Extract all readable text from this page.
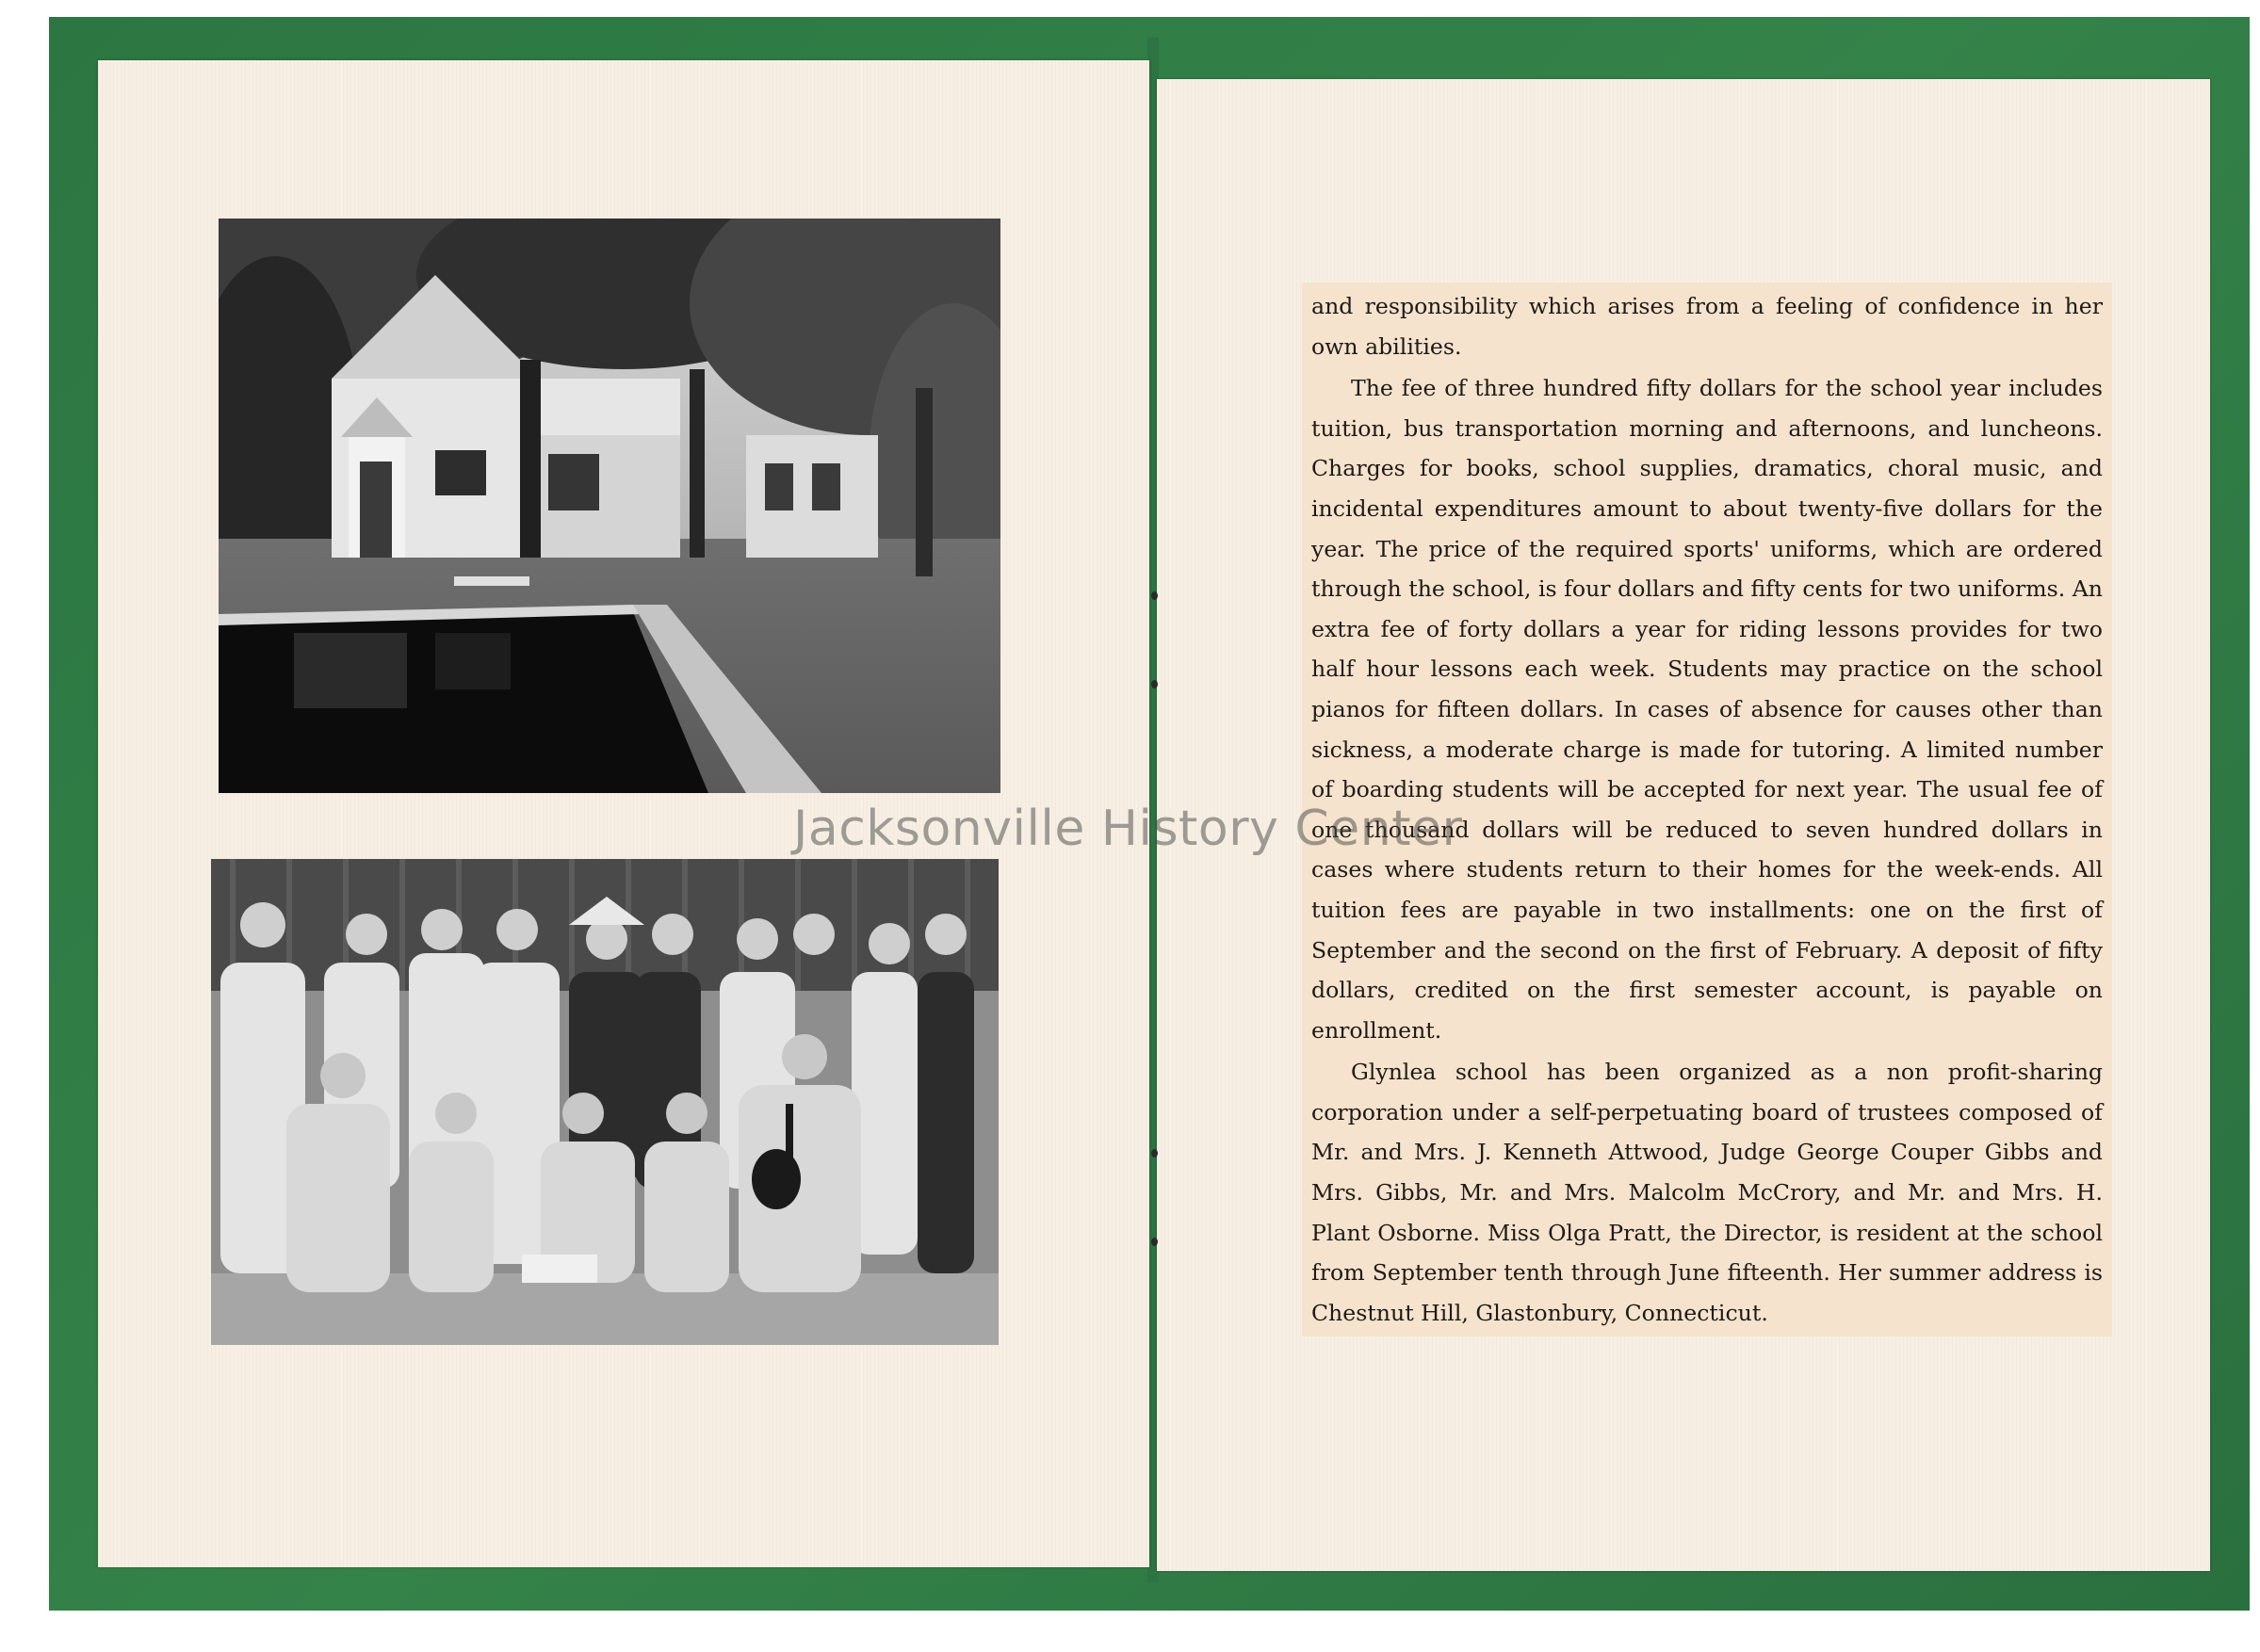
and responsibility which arises from a feeling of confidence in her own abilities.

The fee of three hundred fifty dollars for the school year includes tuition, bus transportation morning and afternoons, and luncheons. Charges for books, school supplies, dramatics, choral music, and incidental expenditures amount to about twenty-five dollars for the year. The price of the required sports' uniforms, which are ordered through the school, is four dollars and fifty cents for two uniforms. An extra fee of forty dollars a year for riding lessons provides for two half hour lessons each week. Students may practice on the school pianos for fifteen dollars. In cases of absence for causes other than sickness, a moderate charge is made for tutoring. A limited number of boarding students will be accepted for next year. The usual fee of one thousand dollars will be reduced to seven hundred dollars in cases where students return to their homes for the week-ends. All tuition fees are payable in two installments: one on the first of September and the second on the first of February. A deposit of fifty dollars, credited on the first semester account, is payable on enrollment.

Glynlea school has been organized as a non profit-sharing corporation under a self-perpetuating board of trustees composed of Mr. and Mrs. J. Kenneth Attwood, Judge George Couper Gibbs and Mrs. Gibbs, Mr. and Mrs. Malcolm McCrory, and Mr. and Mrs. H. Plant Osborne. Miss Olga Pratt, the Director, is resident at the school from September tenth through June fifteenth. Her summer address is Chestnut Hill, Glastonbury, Connecticut.

Jacksonville History Center
